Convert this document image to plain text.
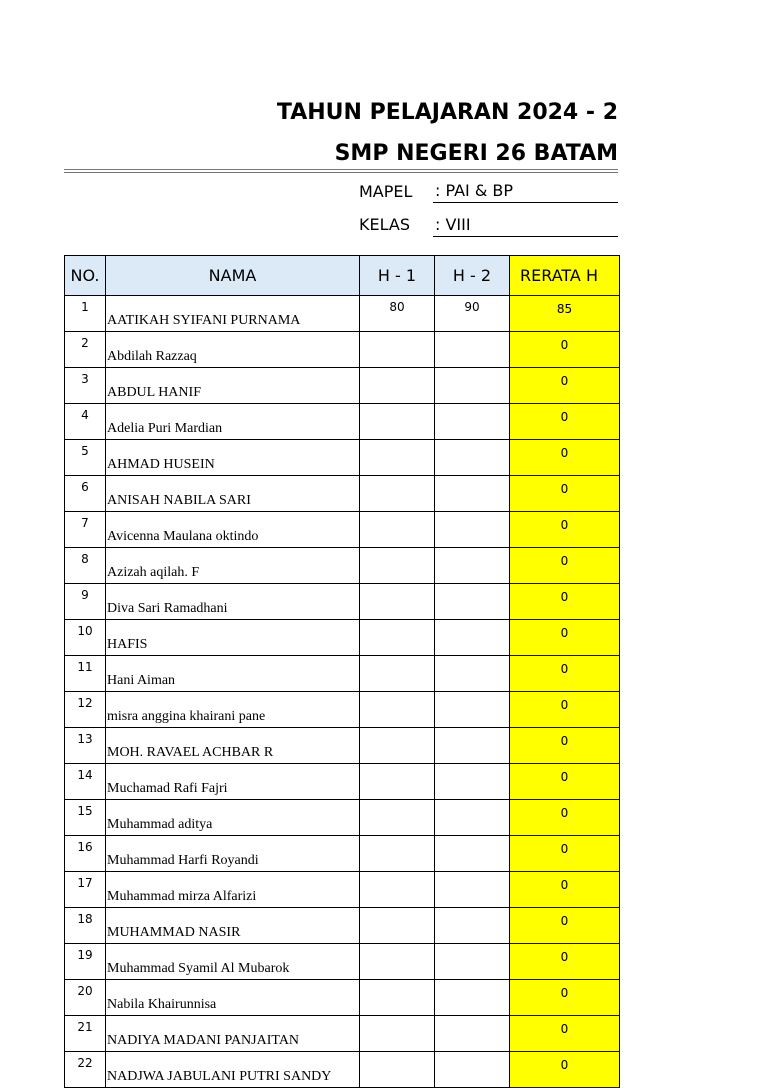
TAHUN PELAJARAN 2024 - 2
SMP NEGERI 26 BATAM
MAPEL : PAI & BP
KELAS : VIII
NO.	NAMA	H - 1	H - 2	RERATA H
1	AATIKAH SYIFANI PURNAMA	80	90	85
2	Abdilah Razzaq			0
3	ABDUL HANIF			0
4	Adelia Puri Mardian			0
5	AHMAD HUSEIN			0
6	ANISAH NABILA SARI			0
7	Avicenna Maulana oktindo			0
8	Azizah aqilah. F			0
9	Diva Sari Ramadhani			0
10	HAFIS			0
11	Hani Aiman			0
12	misra anggina khairani pane			0
13	MOH. RAVAEL ACHBAR R			0
14	Muchamad Rafi Fajri			0
15	Muhammad aditya			0
16	Muhammad Harfi Royandi			0
17	Muhammad mirza Alfarizi			0
18	MUHAMMAD NASIR			0
19	Muhammad Syamil Al Mubarok			0
20	Nabila Khairunnisa			0
21	NADIYA MADANI PANJAITAN			0
22	NADJWA JABULANI PUTRI SANDY			0
